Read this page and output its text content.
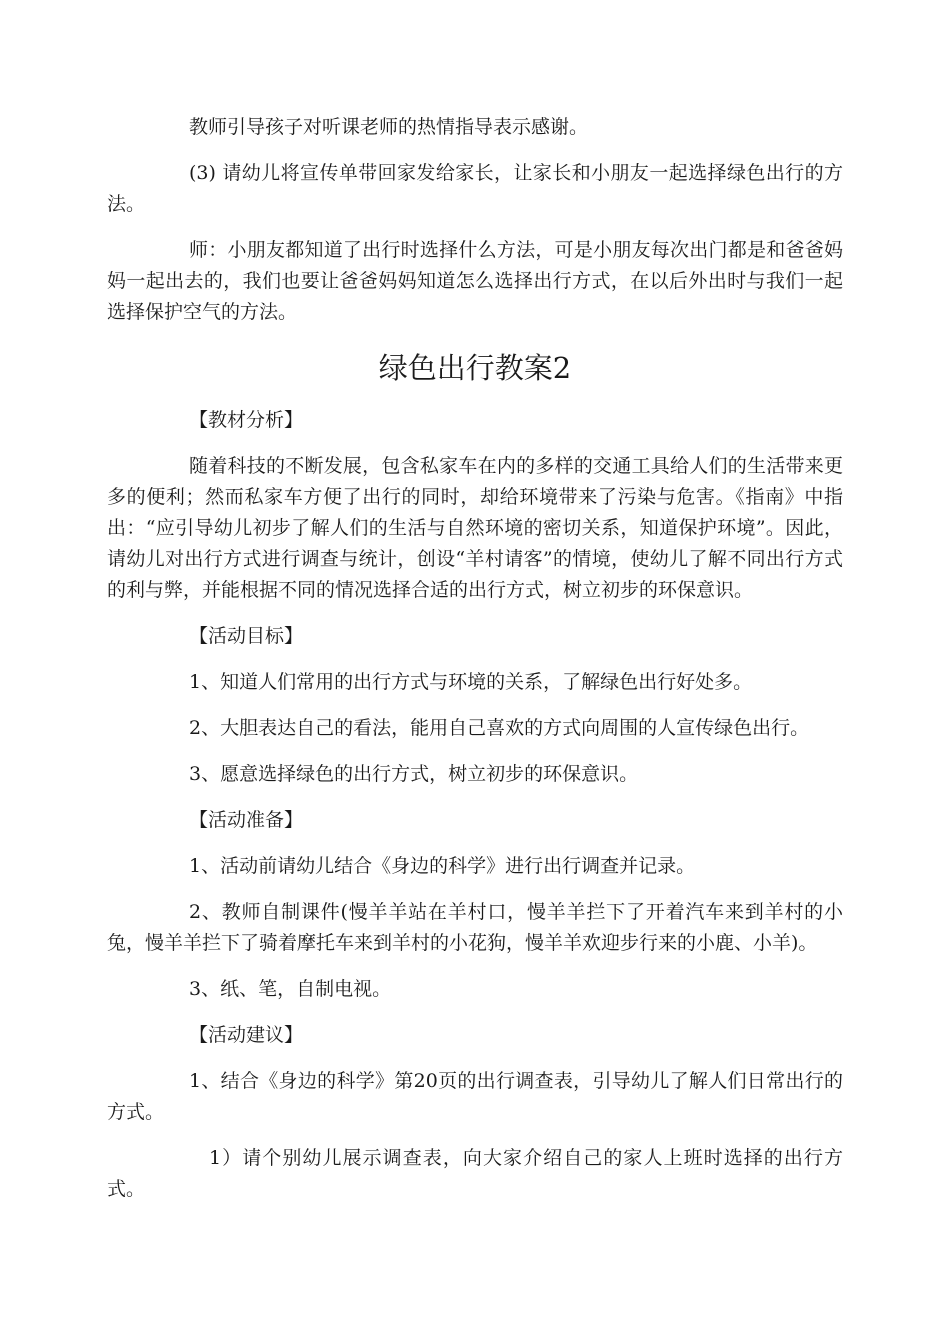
教师引导孩子对听课老师的热情指导表示感谢。

(3) 请幼儿将宣传单带回家发给家长，让家长和小朋友一起选择绿色出行的方法。

师：小朋友都知道了出行时选择什么方法，可是小朋友每次出门都是和爸爸妈妈一起出去的，我们也要让爸爸妈妈知道怎么选择出行方式，在以后外出时与我们一起选择保护空气的方法。

绿色出行教案2

【教材分析】

随着科技的不断发展，包含私家车在内的多样的交通工具给人们的生活带来更多的便利；然而私家车方便了出行的同时，却给环境带来了污染与危害。《指南》中指出：“应引导幼儿初步了解人们的生活与自然环境的密切关系，知道保护环境”。因此，请幼儿对出行方式进行调查与统计，创设“羊村请客”的情境，使幼儿了解不同出行方式的利与弊，并能根据不同的情况选择合适的出行方式，树立初步的环保意识。

【活动目标】

1、知道人们常用的出行方式与环境的关系，了解绿色出行好处多。

2、大胆表达自己的看法，能用自己喜欢的方式向周围的人宣传绿色出行。

3、愿意选择绿色的出行方式，树立初步的环保意识。

【活动准备】

1、活动前请幼儿结合《身边的科学》进行出行调查并记录。

2、教师自制课件(慢羊羊站在羊村口，慢羊羊拦下了开着汽车来到羊村的小兔，慢羊羊拦下了骑着摩托车来到羊村的小花狗，慢羊羊欢迎步行来的小鹿、小羊)。

3、纸、笔，自制电视。

【活动建议】

1、结合《身边的科学》第20页的出行调查表，引导幼儿了解人们日常出行的方式。

1）请个别幼儿展示调查表，向大家介绍自己的家人上班时选择的出行方式。
